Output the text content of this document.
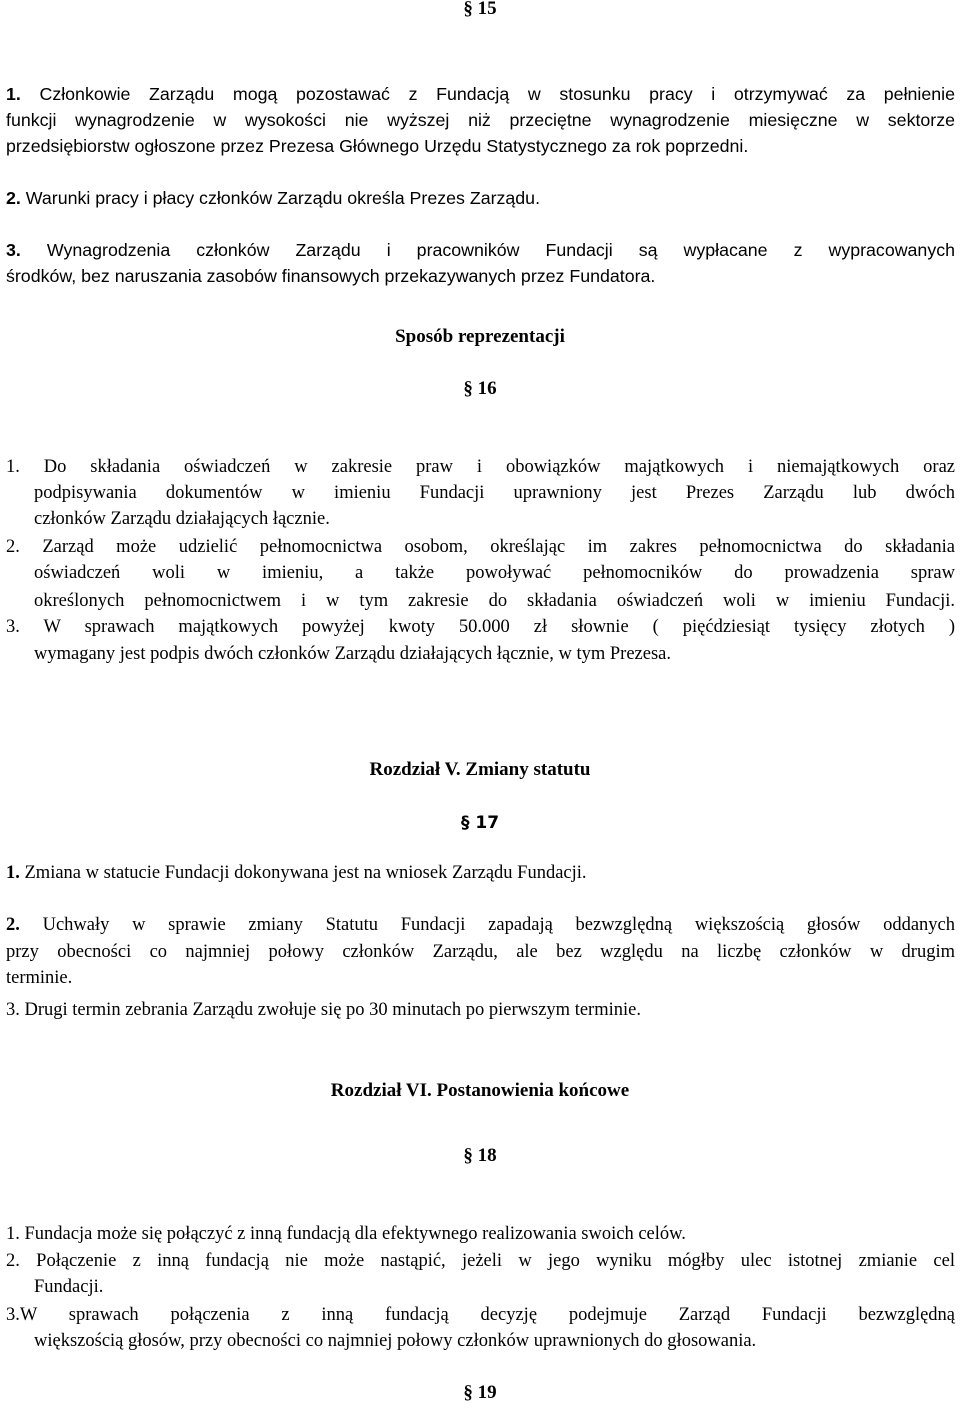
§ 15
1. Członkowie Zarządu mogą pozostawać z Fundacją w stosunku pracy i otrzymywać za pełnienie
funkcji wynagrodzenie w wysokości nie wyższej niż przeciętne wynagrodzenie miesięczne w sektorze
przedsiębiorstw ogłoszone przez Prezesa Głównego Urzędu Statystycznego za rok poprzedni.
2. Warunki pracy i płacy członków Zarządu określa Prezes Zarządu.
3. Wynagrodzenia członków Zarządu i pracowników Fundacji są wypłacane z wypracowanych
środków, bez naruszania zasobów finansowych przekazywanych przez Fundatora.
Sposób reprezentacji
§ 16
1. Do składania oświadczeń w zakresie praw i obowiązków majątkowych i niemajątkowych oraz
podpisywania dokumentów w imieniu Fundacji uprawniony jest Prezes Zarządu lub dwóch
członków Zarządu działających łącznie.
2. Zarząd może udzielić pełnomocnictwa osobom, określając im zakres pełnomocnictwa do składania
oświadczeń woli w imieniu, a także powoływać pełnomocników do prowadzenia spraw
określonych pełnomocnictwem i w tym zakresie do składania oświadczeń woli w imieniu Fundacji.
3. W sprawach majątkowych powyżej kwoty 50.000 zł słownie ( pięćdziesiąt tysięcy złotych )
wymagany jest podpis dwóch członków Zarządu działających łącznie, w tym Prezesa.
Rozdział V. Zmiany statutu
§ 17
1. Zmiana w statucie Fundacji dokonywana jest na wniosek Zarządu Fundacji.
2. Uchwały w sprawie zmiany Statutu Fundacji zapadają bezwzględną większością głosów oddanych
przy obecności co najmniej połowy członków Zarządu, ale bez względu na liczbę członków w drugim
terminie.
3. Drugi termin zebrania Zarządu zwołuje się po 30 minutach po pierwszym terminie.
Rozdział VI. Postanowienia końcowe
§ 18
1. Fundacja może się połączyć z inną fundacją dla efektywnego realizowania swoich celów.
2. Połączenie z inną fundacją nie może nastąpić, jeżeli w jego wyniku mógłby ulec istotnej zmianie cel
Fundacji.
3.W sprawach połączenia z inną fundacją decyzję podejmuje Zarząd Fundacji bezwzględną
większością głosów, przy obecności co najmniej połowy członków uprawnionych do głosowania.
§ 19
